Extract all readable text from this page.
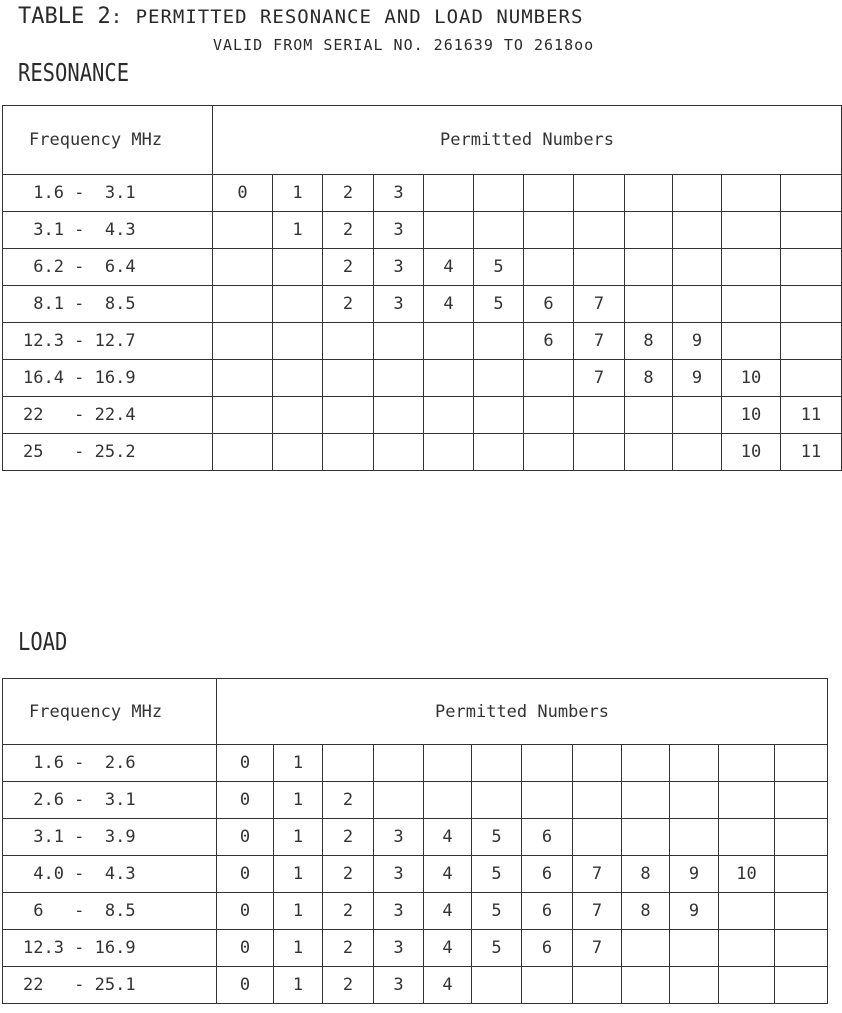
TABLE 2: PERMITTED RESONANCE AND LOAD NUMBERS
VALID FROM SERIAL NO. 261639 TO 2618oo
RESONANCE
Frequency MHz	Permitted Numbers											
1.6 -  3.1	0	1	2	3								
3.1 -  4.3		1	2	3								
6.2 -  6.4			2	3	4	5						
8.1 -  8.5			2	3	4	5	6	7				
12.3 - 12.7							6	7	8	9		
16.4 - 16.9								7	8	9	10	
22   - 22.4											10	11
25   - 25.2											10	11
LOAD
Frequency MHz	Permitted Numbers											
1.6 -  2.6	0	1										
2.6 -  3.1	0	1	2									
3.1 -  3.9	0	1	2	3	4	5	6					
4.0 -  4.3	0	1	2	3	4	5	6	7	8	9	10	
6   -  8.5	0	1	2	3	4	5	6	7	8	9		
12.3 - 16.9	0	1	2	3	4	5	6	7				
22   - 25.1	0	1	2	3	4							
